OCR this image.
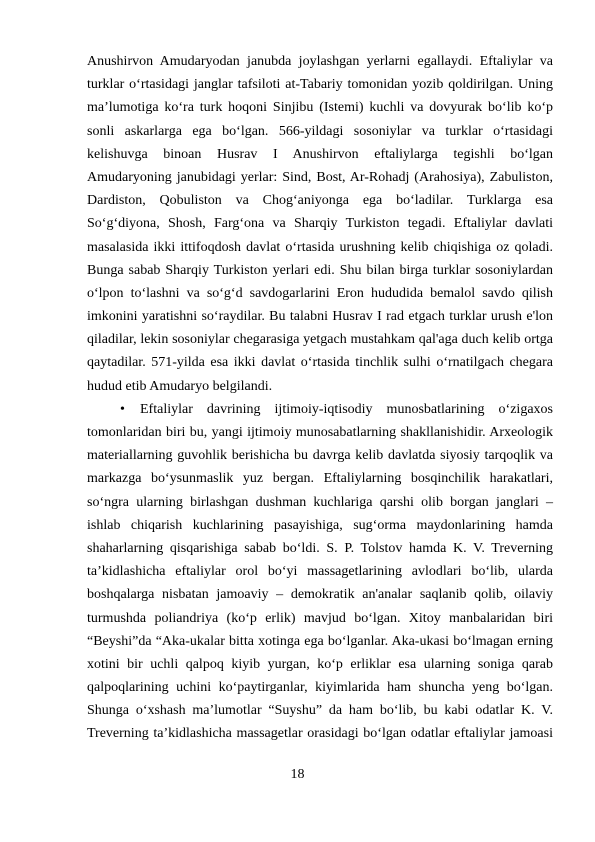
Anushirvon Amudaryodan janubda joylashgan yerlarni egallaydi. Eftaliylar va
turklar o‘rtasidagi janglar tafsiloti at-Tabariy tomonidan yozib qoldirilgan. Uning
ma’lumotiga ko‘ra turk hoqoni Sinjibu (Istemi) kuchli va dovyurak bo‘lib ko‘p
sonli askarlarga ega bo‘lgan. 566-yildagi sosoniylar va turklar o‘rtasidagi
kelishuvga binoan Husrav I Anushirvon eftaliylarga tegishli bo‘lgan
Amudaryoning janubidagi yerlar: Sind, Bost, Ar-Rohadj (Arahosiya), Zabuliston,
Dardiston, Qobuliston va Chog‘aniyonga ega bo‘ladilar. Turklarga esa
So‘g‘diyona, Shosh, Farg‘ona va Sharqiy Turkiston tegadi. Eftaliylar davlati
masalasida ikki ittifoqdosh davlat o‘rtasida urushning kelib chiqishiga oz qoladi.
Bunga sabab Sharqiy Turkiston yerlari edi. Shu bilan birga turklar sosoniylardan
o‘lpon to‘lashni va so‘g‘d savdogarlarini Eron hududida bemalol savdo qilish
imkonini yaratishni so‘raydilar. Bu talabni Husrav I rad etgach turklar urush e'lon
qiladilar, lekin sosoniylar chegarasiga yetgach mustahkam qal'aga duch kelib ortga
qaytadilar. 571-yilda esa ikki davlat o‘rtasida tinchlik sulhi o‘rnatilgach chegara
hudud etib Amudaryo belgilandi.
•	Eftaliylar davrining ijtimoiy-iqtisodiy munosbatlarining o‘zigaxos
tomonlaridan biri bu, yangi ijtimoiy munosabatlarning shakllanishidir. Arxeologik
materiallarning guvohlik berishicha bu davrga kelib davlatda siyosiy tarqoqlik va
markazga bo‘ysunmaslik yuz bergan. Eftaliylarning bosqinchilik harakatlari,
so‘ngra ularning birlashgan dushman kuchlariga qarshi olib borgan janglari –
ishlab chiqarish kuchlarining pasayishiga, sug‘orma maydonlarining hamda
shaharlarning qisqarishiga sabab bo‘ldi. S. P. Tolstov hamda K. V. Treverning
ta’kidlashicha eftaliylar orol bo‘yi massagetlarining avlodlari bo‘lib, ularda
boshqalarga nisbatan jamoaviy – demokratik an'analar saqlanib qolib, oilaviy
turmushda poliandriya (ko‘p erlik) mavjud bo‘lgan. Xitoy manbalaridan biri
“Beyshi”da “Aka-ukalar bitta xotinga ega bo‘lganlar. Aka-ukasi bo‘lmagan erning
xotini bir uchli qalpoq kiyib yurgan, ko‘p erliklar esa ularning soniga qarab
qalpoqlarining uchini ko‘paytirganlar, kiyimlarida ham shuncha yeng bo‘lgan.
Shunga o‘xshash ma’lumotlar “Suyshu” da ham bo‘lib, bu kabi odatlar K. V.
Treverning ta’kidlashicha massagetlar orasidagi bo‘lgan odatlar eftaliylar jamoasi
18
